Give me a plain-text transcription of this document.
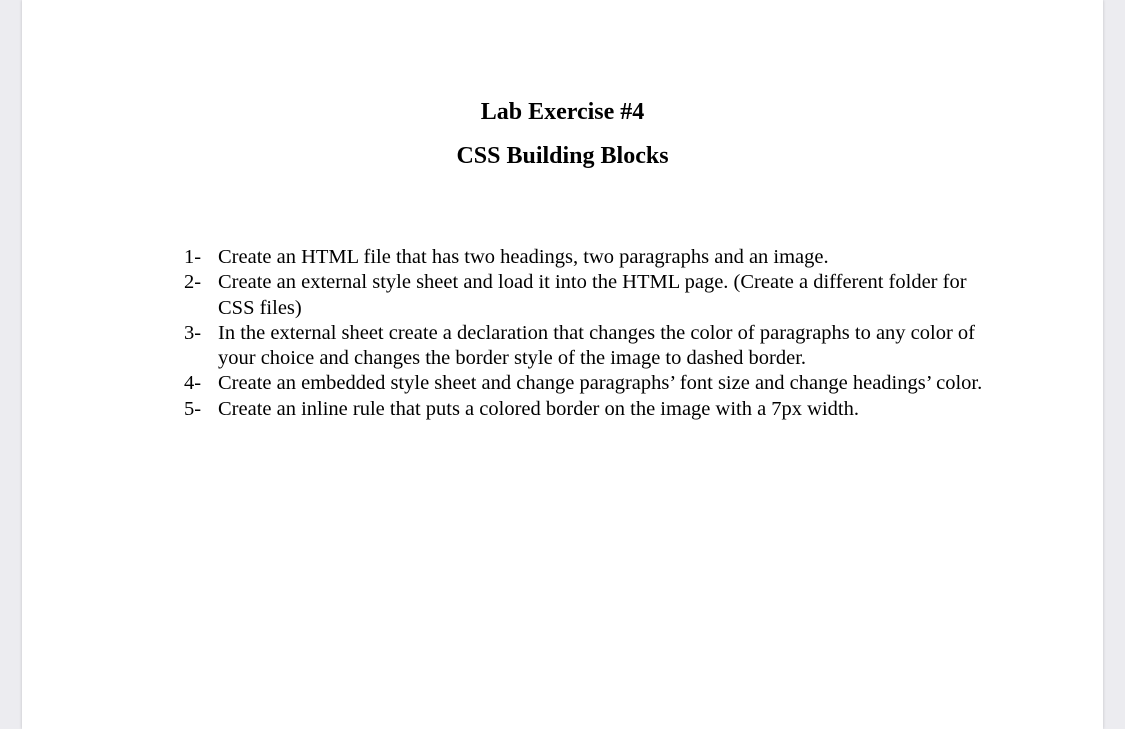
Lab Exercise #4
CSS Building Blocks
1- Create an HTML file that has two headings, two paragraphs and an image.
2- Create an external style sheet and load it into the HTML page. (Create a different folder for CSS files)
3- In the external sheet create a declaration that changes the color of paragraphs to any color of your choice and changes the border style of the image to dashed border.
4- Create an embedded style sheet and change paragraphs’ font size and change headings’ color.
5- Create an inline rule that puts a colored border on the image with a 7px width.
